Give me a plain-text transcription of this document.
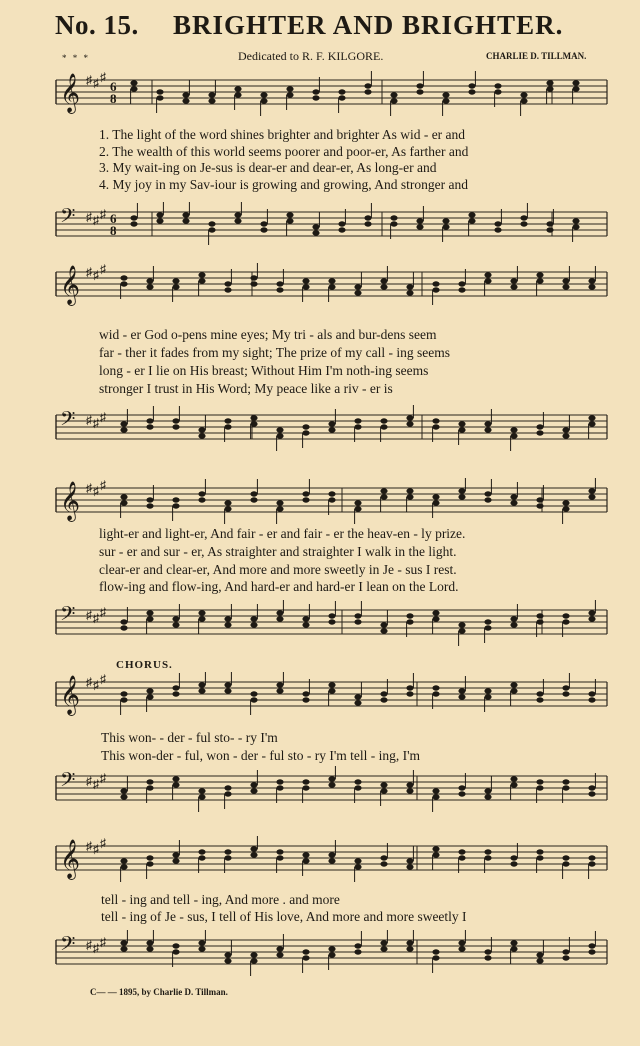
No. 15. BRIGHTER AND BRIGHTER.
* * *	Dedicated to R. F. KILGORE.	CHARLIE D. TILLMAN.
𝄞 ♯ ♯ ♯
6
8
1. The light of the word shines brighter and brighter As wid - er and
2. The wealth of this world seems poorer and poor-er, As farther and
3. My wait-ing on Je-sus is dear-er and dear-er, As long-er and
4. My joy in my Sav-iour is growing and growing, And stronger and
𝄢 ♯ ♯ ♯ 6
8
𝄞 ♯ ♯ ♯
wid - er God o-pens mine eyes; My tri - als and bur-dens seem
far - ther it fades from my sight; The prize of my call - ing seems
long - er I lie on His breast; Without Him I'm noth-ing seems
stronger I trust in His Word; My peace like a riv - er is
𝄢 ♯ ♯ ♯
𝄞 ♯ ♯ ♯
light-er and light-er, And fair - er and fair - er the heav-en - ly prize.
sur - er and sur - er, As straighter and straighter I walk in the light.
clear-er and clear-er, And more and more sweetly in Je - sus I rest.
flow-ing and flow-ing, And hard-er and hard-er I lean on the Lord.
𝄢 ♯ ♯ ♯
CHORUS.
𝄞 ♯ ♯ ♯
This won- - der - ful sto- - ry I'm
This won-der - ful, won - der - ful sto - ry I'm tell - ing, I'm
𝄢 ♯ ♯ ♯
𝄞 ♯ ♯ ♯
tell - ing and tell - ing, And more . and more
tell - ing of Je - sus, I tell of His love, And more and more sweetly I
𝄢 ♯ ♯ ♯
C— — 1895, by Charlie D. Tillman.
